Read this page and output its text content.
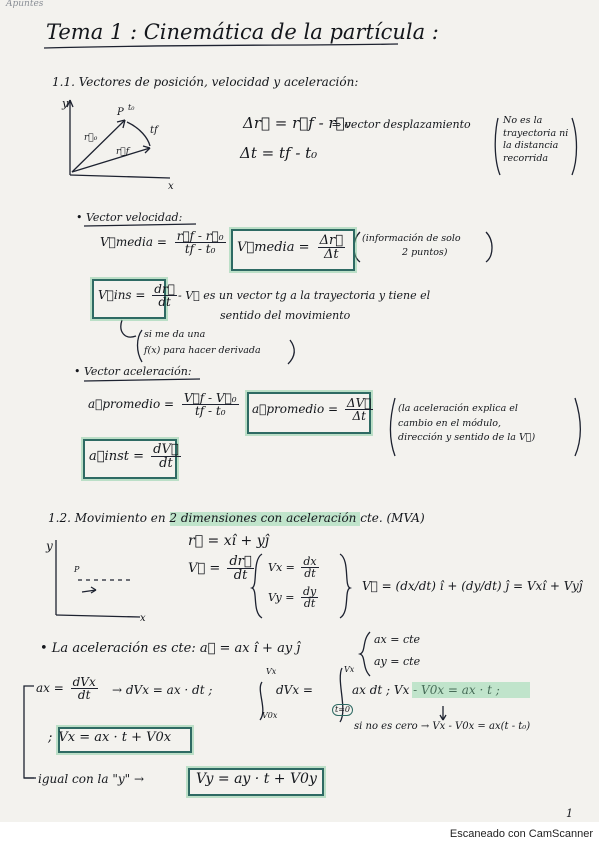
Apuntes
Tema 1 : Cinemática de la partícula :
1.1. Vectores de posición, velocidad y aceleración:
y
x
P t₀
r⃗₀
r⃗f
tf	Δr⃗ = r⃗f - r⃗₀
⇒ vector desplazamiento	No es la
trayectoria ni
la distancia
recorrida
Δt = tf - t₀
• Vector velocidad:
V⃗media = $\frac{\text{r⃗f - r⃗₀}}{\text{tf - t₀}}$ V⃗media = $\frac{\Delta r⃗}{\Delta t}$ (información de solo
2 puntos)
V⃗ins = $\frac{dr⃗}{dt}$ - V⃗ es un vector tg a la trayectoria y tiene el
sentido del movimiento
si me da una
f(x) para hacer derivada
• Vector aceleración:
a⃗promedio = $\frac{\text{V⃗f - V⃗₀}}{\text{tf - t₀}}$ a⃗promedio = $\frac{\Delta V⃗}{\Delta t}$	(la aceleración explica el
cambio en el módulo,
dirección y sentido de la V⃗)
a⃗inst = $\frac{dV⃗}{dt}$
1.2. Movimiento en 2 dimensiones con aceleración cte. (MVA)
y
x
P
r⃗ = xî + yĵ
V⃗ = $\frac{dr⃗}{dt}$ $Vx = \frac{dx}{dt}$
$Vy = \frac{dy}{dt}$	V⃗ = (dx/dt) î + (dy/dt) ĵ = Vxî + Vyĵ
• La aceleración es cte: a⃗ = ax î + ay ĵ
ax = cte
ay = cte
ax = $\frac{\text{dVx}}{dt}$ → dVx = ax · dt ;
Vx
V0x
dVx =	ax dt ; Vx - V0x = ax · t ;
Vx
t=0
si no es cero → Vx - V0x = ax(t - t₀)
; Vx = ax · t + V0x
igual con la "y" →	Vy = ay · t + V0y
1
Escaneado con CamScanner
